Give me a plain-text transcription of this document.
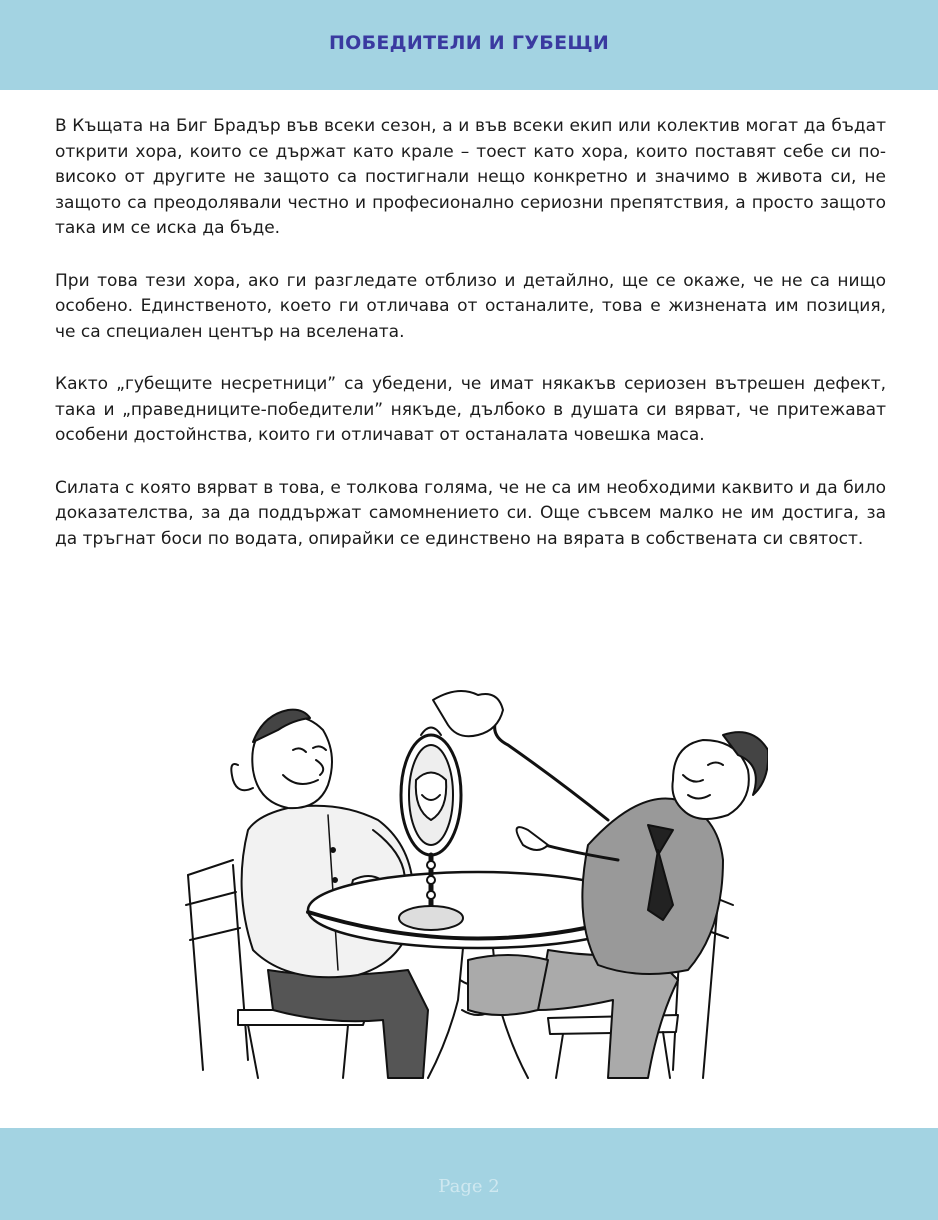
ПОБЕДИТЕЛИ И ГУБЕЩИ

В Къщата на Биг Брадър във всеки сезон, а и във всеки екип или колектив могат да бъдат открити хора, които се държат като крале – тоест като хора, които поставят себе си по-високо от другите не защото са постигнали нещо конкретно и значимо в живота си, не защото са преодолявали честно и професионално сериозни препятствия, а просто защото така им се иска да бъде.

При това тези хора, ако ги разгледате отблизо и детайлно, ще се окаже, че не са нищо особено. Единственото, което ги отличава от останалите, това е жизнената им позиция, че са специален център на вселената.

Както „губещите несретници” са убедени, че имат някакъв сериозен вътрешен дефект, така и „праведниците-победители” някъде, дълбоко в душата си вярват, че притежават особени достойнства, които ги отличават от останалата човешка маса.

Силата с която вярват в това, е толкова голяма, че не са им необходими каквито и да било доказателства, за да поддържат самомнението си. Още съвсем малко не им достига, за да тръгнат боси по водата, опирайки се единствено на вярата в собствената си святост.

Page 2
